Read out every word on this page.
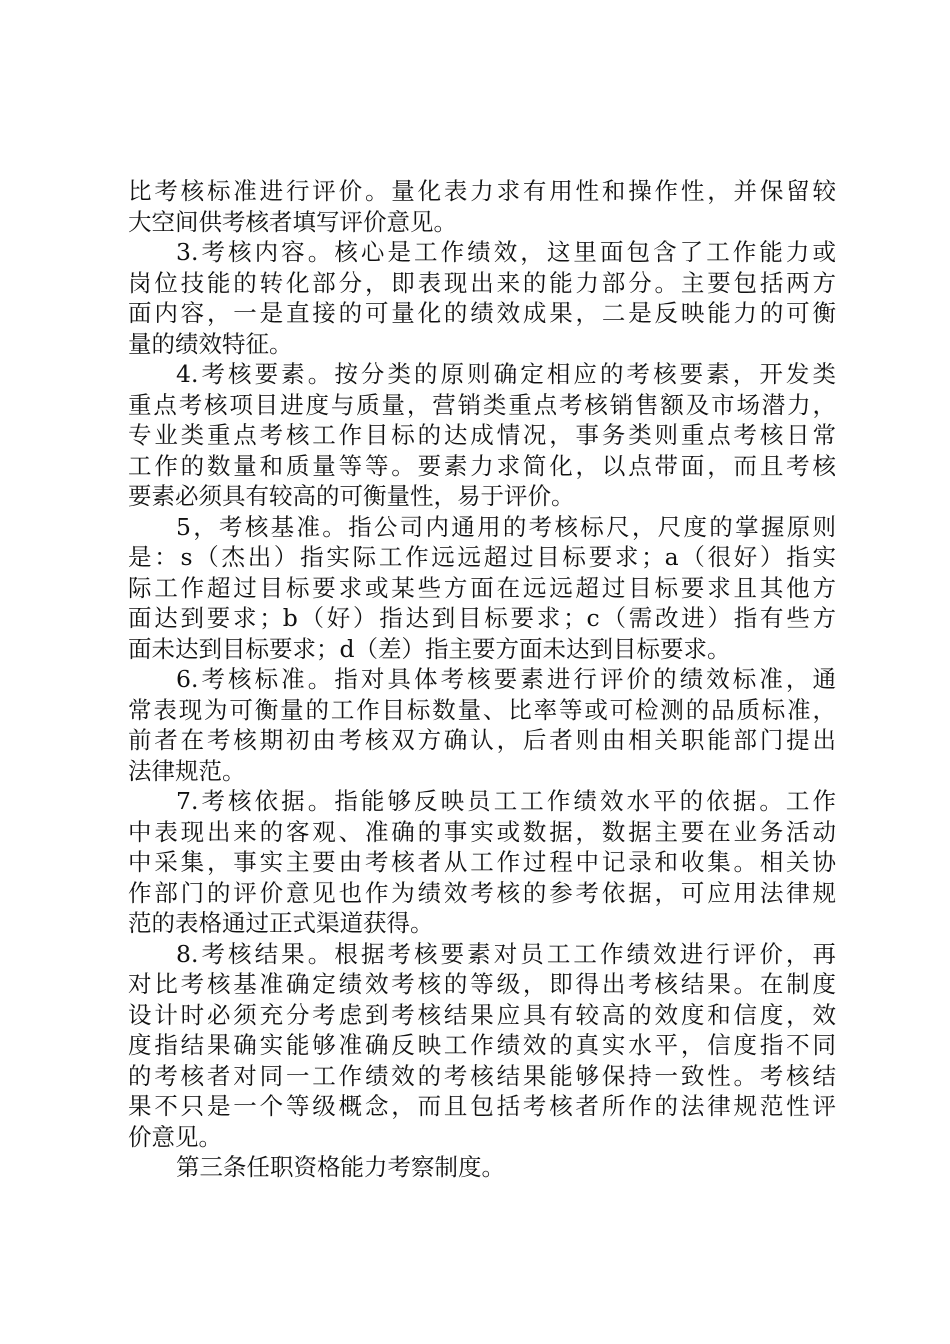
比考核标准进行评价。量化表力求有用性和操作性，并保留较
大空间供考核者填写评价意见。
3.考核内容。核心是工作绩效，这里面包含了工作能力或
岗位技能的转化部分，即表现出来的能力部分。主要包括两方
面内容，一是直接的可量化的绩效成果，二是反映能力的可衡
量的绩效特征。
4.考核要素。按分类的原则确定相应的考核要素，开发类
重点考核项目进度与质量，营销类重点考核销售额及市场潜力，
专业类重点考核工作目标的达成情况，事务类则重点考核日常
工作的数量和质量等等。要素力求简化，以点带面，而且考核
要素必须具有较高的可衡量性，易于评价。
5，考核基准。指公司内通用的考核标尺，尺度的掌握原则
是：s（杰出）指实际工作远远超过目标要求；a（很好）指实
际工作超过目标要求或某些方面在远远超过目标要求且其他方
面达到要求；b（好）指达到目标要求；c（需改进）指有些方
面未达到目标要求；d（差）指主要方面未达到目标要求。
6.考核标准。指对具体考核要素进行评价的绩效标准，通
常表现为可衡量的工作目标数量、比率等或可检测的品质标准，
前者在考核期初由考核双方确认，后者则由相关职能部门提出
法律规范。
7.考核依据。指能够反映员工工作绩效水平的依据。工作
中表现出来的客观、准确的事实或数据，数据主要在业务活动
中采集，事实主要由考核者从工作过程中记录和收集。相关协
作部门的评价意见也作为绩效考核的参考依据，可应用法律规
范的表格通过正式渠道获得。
8.考核结果。根据考核要素对员工工作绩效进行评价，再
对比考核基准确定绩效考核的等级，即得出考核结果。在制度
设计时必须充分考虑到考核结果应具有较高的效度和信度，效
度指结果确实能够准确反映工作绩效的真实水平，信度指不同
的考核者对同一工作绩效的考核结果能够保持一致性。考核结
果不只是一个等级概念，而且包括考核者所作的法律规范性评
价意见。
第三条任职资格能力考察制度。
